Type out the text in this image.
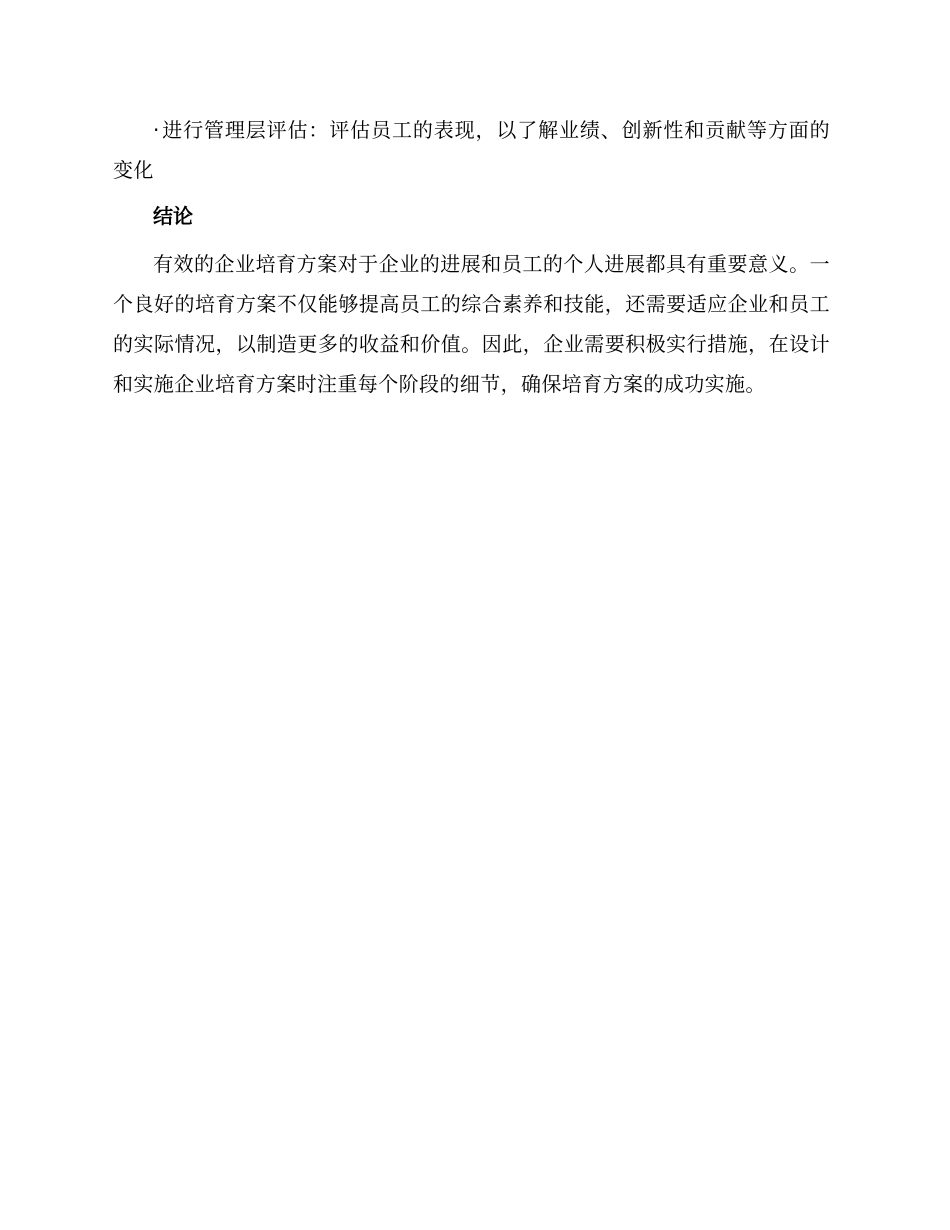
· 进行管理层评估：评估员工的表现，以了解业绩、创新性和贡献等方面的变化

结论

有效的企业培育方案对于企业的进展和员工的个人进展都具有重要意义。一个良好的培育方案不仅能够提高员工的综合素养和技能，还需要适应企业和员工的实际情况，以制造更多的收益和价值。因此，企业需要积极实行措施，在设计和实施企业培育方案时注重每个阶段的细节，确保培育方案的成功实施。
